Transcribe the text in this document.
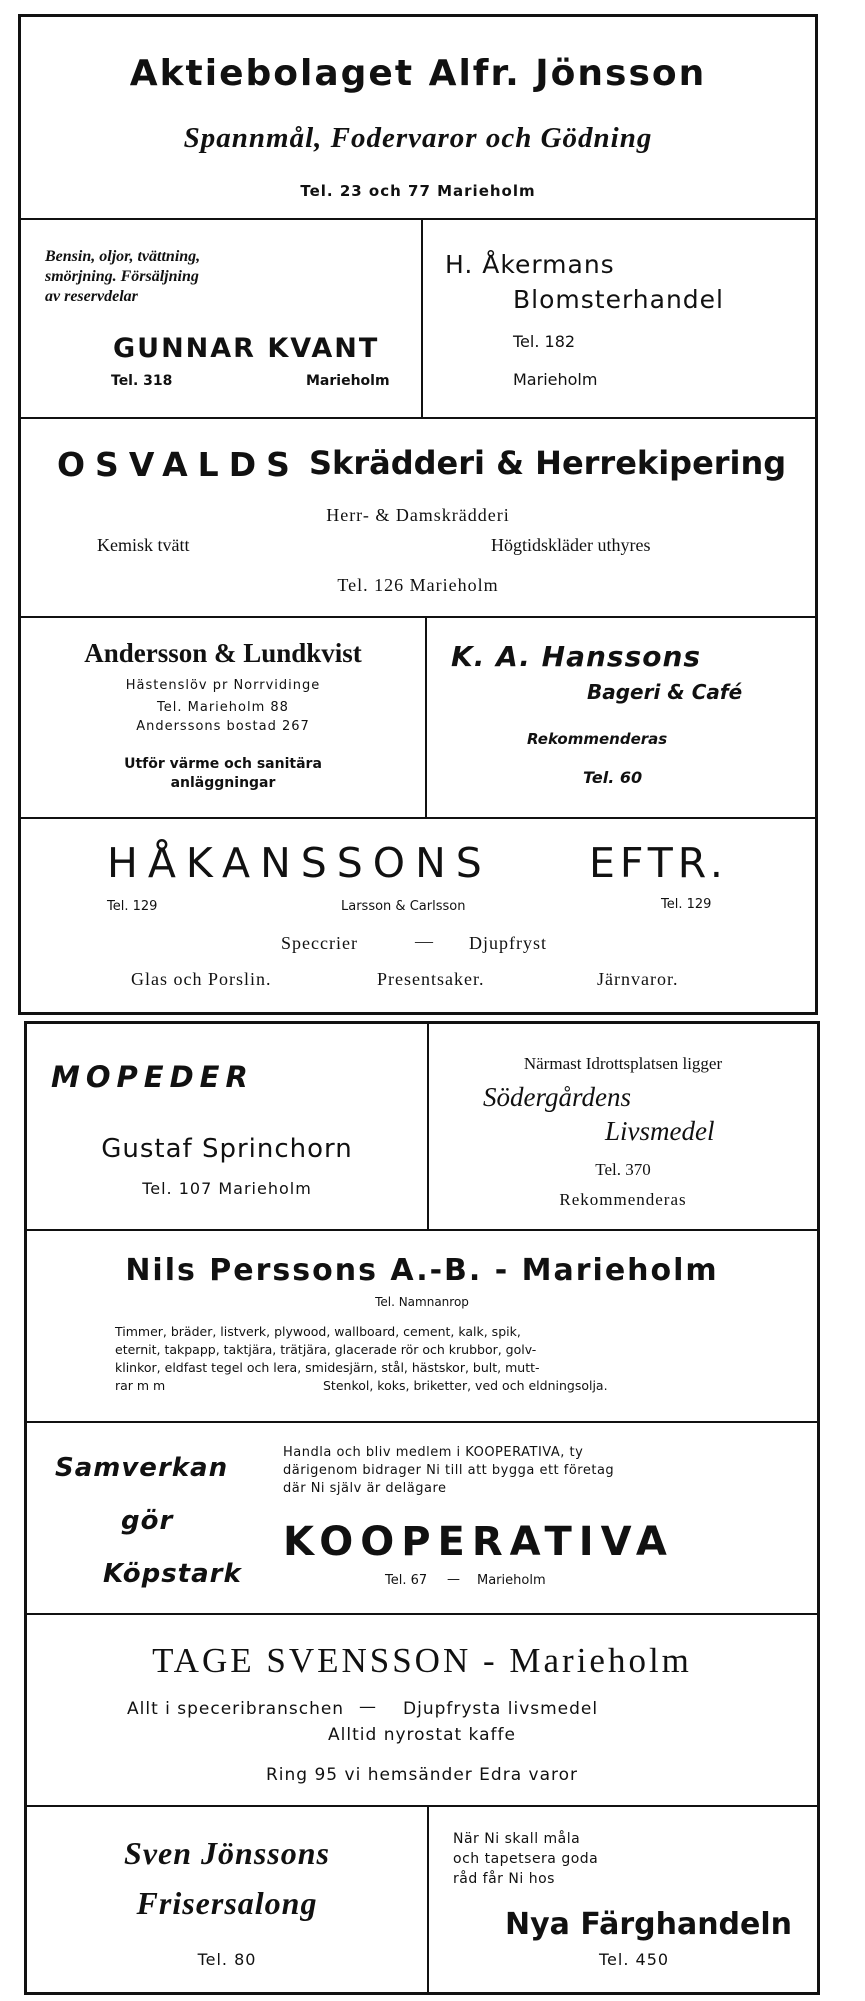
Aktiebolaget Alfr. Jönsson

Spannmål, Fodervaror och Gödning

Tel. 23 och 77 Marieholm

Bensin, oljor, tvättning,

smörjning. Försäljning

av reservdelar

GUNNAR KVANT

Tel. 318	Marieholm

H. Åkermans

Blomsterhandel

Tel. 182

Marieholm

OSVALDS Skrädderi & Herrekipering

Herr- & Damskrädderi

Kemisk tvätt	Högtidskläder uthyres

Tel. 126 Marieholm

Andersson & Lundkvist

Hästenslöv pr Norrvidinge

Tel. Marieholm 88

Anderssons bostad 267

Utför värme och sanitära

anläggningar

K. A. Hanssons

Bageri & Café

Rekommenderas

Tel. 60

HÅKANSSONS EFTR.

Tel. 129	Larsson & Carlsson	Tel. 129

Speccrier	— Djupfryst

Glas och Porslin.	Presentsaker.	Järnvaror.

MOPEDER

Gustaf Sprinchorn

Tel. 107 Marieholm

Närmast Idrottsplatsen ligger

Södergårdens

Livsmedel

Tel. 370

Rekommenderas

Nils Perssons A.-B. - Marieholm

Tel. Namnanrop

Timmer, bräder, listverk, plywood, wallboard, cement, kalk, spik,

eternit, takpapp, taktjära, trätjära, glacerade rör och krubbor, golv-

klinkor, eldfast tegel och lera, smidesjärn, stål, hästskor, bult, mutt-

rar m m	Stenkol, koks, briketter, ved och eldningsolja.

Samverkan

gör

Köpstark

Handla och bliv medlem i KOOPERATIVA, ty

därigenom bidrager Ni till att bygga ett företag

där Ni själv är delägare

KOOPERATIVA

Tel. 67 — Marieholm

TAGE SVENSSON - Marieholm

Allt i speceribranschen — Djupfrysta livsmedel

Alltid nyrostat kaffe

Ring 95 vi hemsänder Edra varor

Sven Jönssons

Frisersalong

Tel. 80

När Ni skall måla

och tapetsera goda

råd får Ni hos

Nya Färghandeln

Tel. 450
